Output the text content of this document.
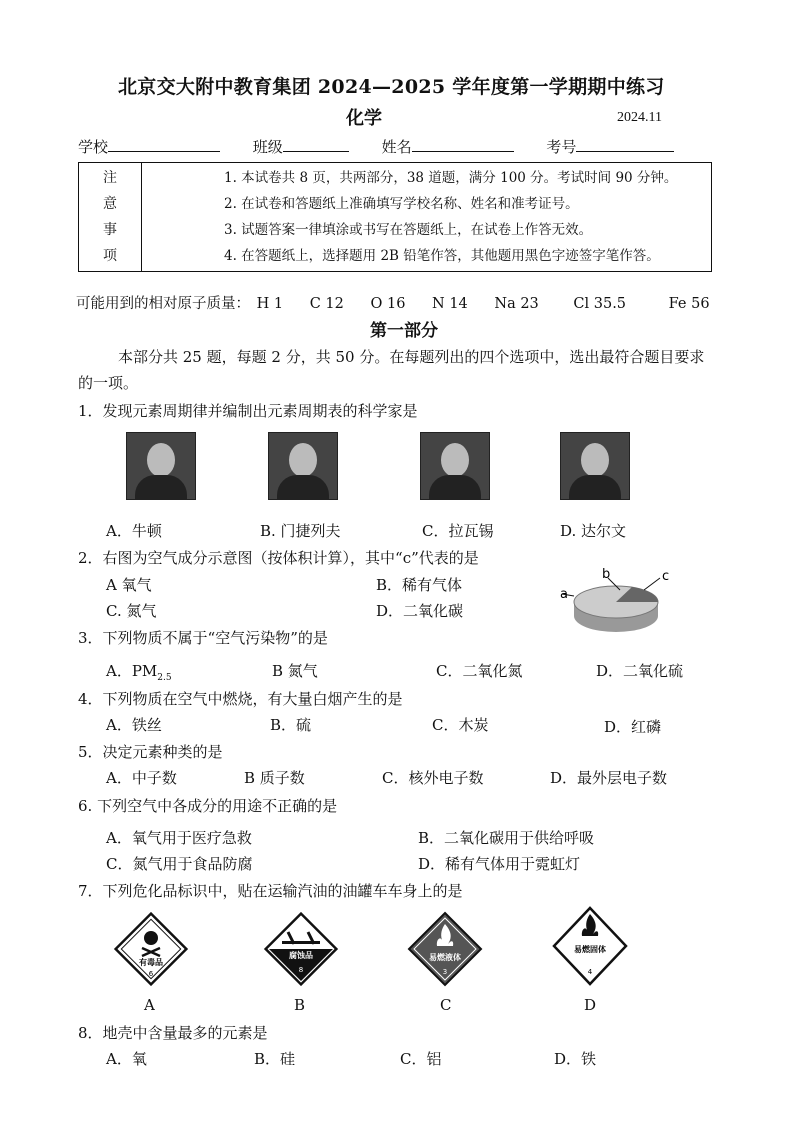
北京交大附中教育集团 2024—2025 学年度第一学期期中练习
化学	2024.11
学校	班级	姓名	考号
注
意
事
项

1. 本试卷共 8 页，共两部分，38 道题，满分 100 分。考试时间 90 分钟。
2. 在试卷和答题纸上准确填写学校名称、姓名和准考证号。
3. 试题答案一律填涂或书写在答题纸上，在试卷上作答无效。
4. 在答题纸上，选择题用 2B 铅笔作答，其他题用黑色字迹签字笔作答。
可能用到的相对原子质量： H 1 C 12 O 16 N 14 Na 23 Cl 35.5	Fe 56
第一部分
本部分共 25 题，每题 2 分，共 50 分。在每题列出的四个选项中，选出最符合题目要求的一项。
1．发现元素周期律并编制出元素周期表的科学家是
A．牛顿	B. 门捷列夫	C．拉瓦锡	D. 达尔文
2．右图为空气成分示意图（按体积计算），其中“c”代表的是
A 氧气	B．稀有气体
C. 氮气	D．二氧化碳
a
b	c
3．下列物质不属于“空气污染物”的是
A．$PM_{2.5}$	B 氮气	C．二氧化氮	D．二氧化硫
4．下列物质在空气中燃烧，有大量白烟产生的是
A．铁丝	B．硫	C．木炭	D．红磷
5．决定元素种类的是
A．中子数	B 质子数	C．核外电子数	D．最外层电子数
6. 下列空气中各成分的用途不正确的是
A．氧气用于医疗急救	B．二氧化碳用于供给呼吸
C．氮气用于食品防腐	D．稀有气体用于霓虹灯
7．下列危化品标识中，贴在运输汽油的油罐车车身上的是
有毒品
6
腐蚀品
8
易燃液体
3
易燃固体
4
A	B	C	D
8．地壳中含量最多的元素是
A．氧	B．硅	C．铝	D．铁
